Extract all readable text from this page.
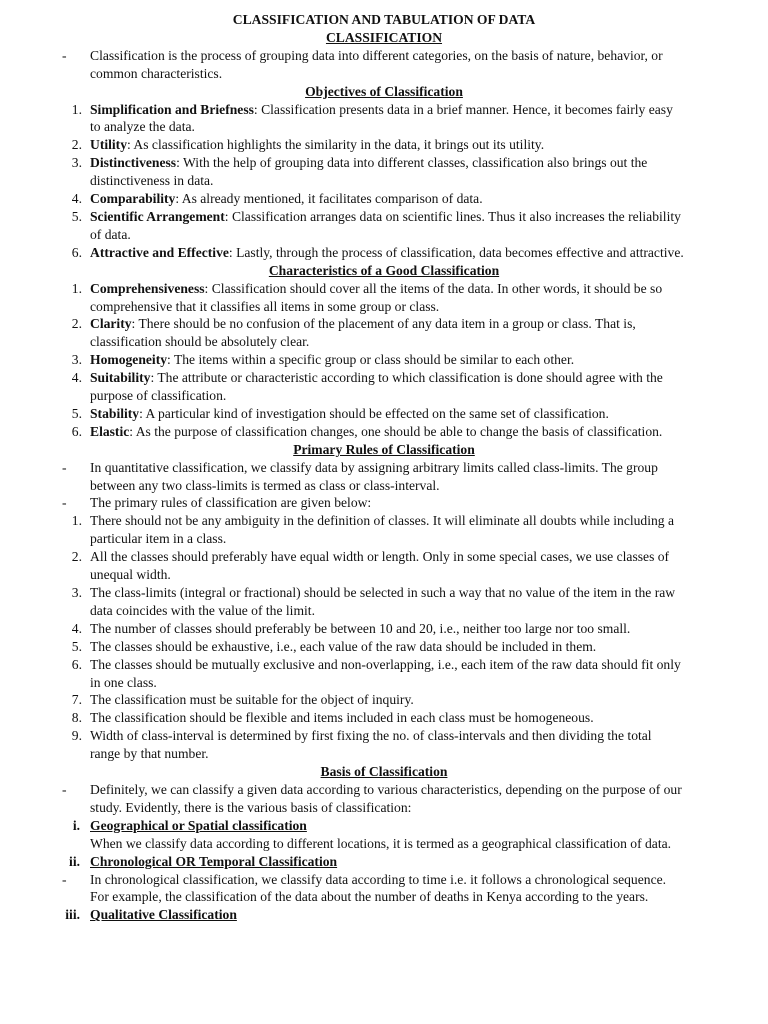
CLASSIFICATION AND TABULATION OF DATA
CLASSIFICATION
-	Classification is the process of grouping data into different categories, on the basis of nature, behavior, or common characteristics.
Objectives of Classification
1. Simplification and Briefness: Classification presents data in a brief manner. Hence, it becomes fairly easy to analyze the data.
2. Utility: As classification highlights the similarity in the data, it brings out its utility.
3. Distinctiveness: With the help of grouping data into different classes, classification also brings out the distinctiveness in data.
4. Comparability: As already mentioned, it facilitates comparison of data.
5. Scientific Arrangement: Classification arranges data on scientific lines. Thus it also increases the reliability of data.
6. Attractive and Effective: Lastly, through the process of classification, data becomes effective and attractive.
Characteristics of a Good Classification
1. Comprehensiveness: Classification should cover all the items of the data. In other words, it should be so comprehensive that it classifies all items in some group or class.
2. Clarity: There should be no confusion of the placement of any data item in a group or class. That is, classification should be absolutely clear.
3. Homogeneity: The items within a specific group or class should be similar to each other.
4. Suitability: The attribute or characteristic according to which classification is done should agree with the purpose of classification.
5. Stability: A particular kind of investigation should be effected on the same set of classification.
6. Elastic: As the purpose of classification changes, one should be able to change the basis of classification.
Primary Rules of Classification
-	In quantitative classification, we classify data by assigning arbitrary limits called class-limits. The group between any two class-limits is termed as class or class-interval.
-	The primary rules of classification are given below:
1. There should not be any ambiguity in the definition of classes. It will eliminate all doubts while including a particular item in a class.
2. All the classes should preferably have equal width or length. Only in some special cases, we use classes of unequal width.
3. The class-limits (integral or fractional) should be selected in such a way that no value of the item in the raw data coincides with the value of the limit.
4. The number of classes should preferably be between 10 and 20, i.e., neither too large nor too small.
5. The classes should be exhaustive, i.e., each value of the raw data should be included in them.
6. The classes should be mutually exclusive and non-overlapping, i.e., each item of the raw data should fit only in one class.
7. The classification must be suitable for the object of inquiry.
8. The classification should be flexible and items included in each class must be homogeneous.
9. Width of class-interval is determined by first fixing the no. of class-intervals and then dividing the total range by that number.
Basis of Classification
-	Definitely, we can classify a given data according to various characteristics, depending on the purpose of our study. Evidently, there is the various basis of classification:
i. Geographical or Spatial classification
When we classify data according to different locations, it is termed as a geographical classification of data.
ii. Chronological OR Temporal Classification
-	In chronological classification, we classify data according to time i.e. it follows a chronological sequence. For example, the classification of the data about the number of deaths in Kenya according to the years.
iii. Qualitative Classification
